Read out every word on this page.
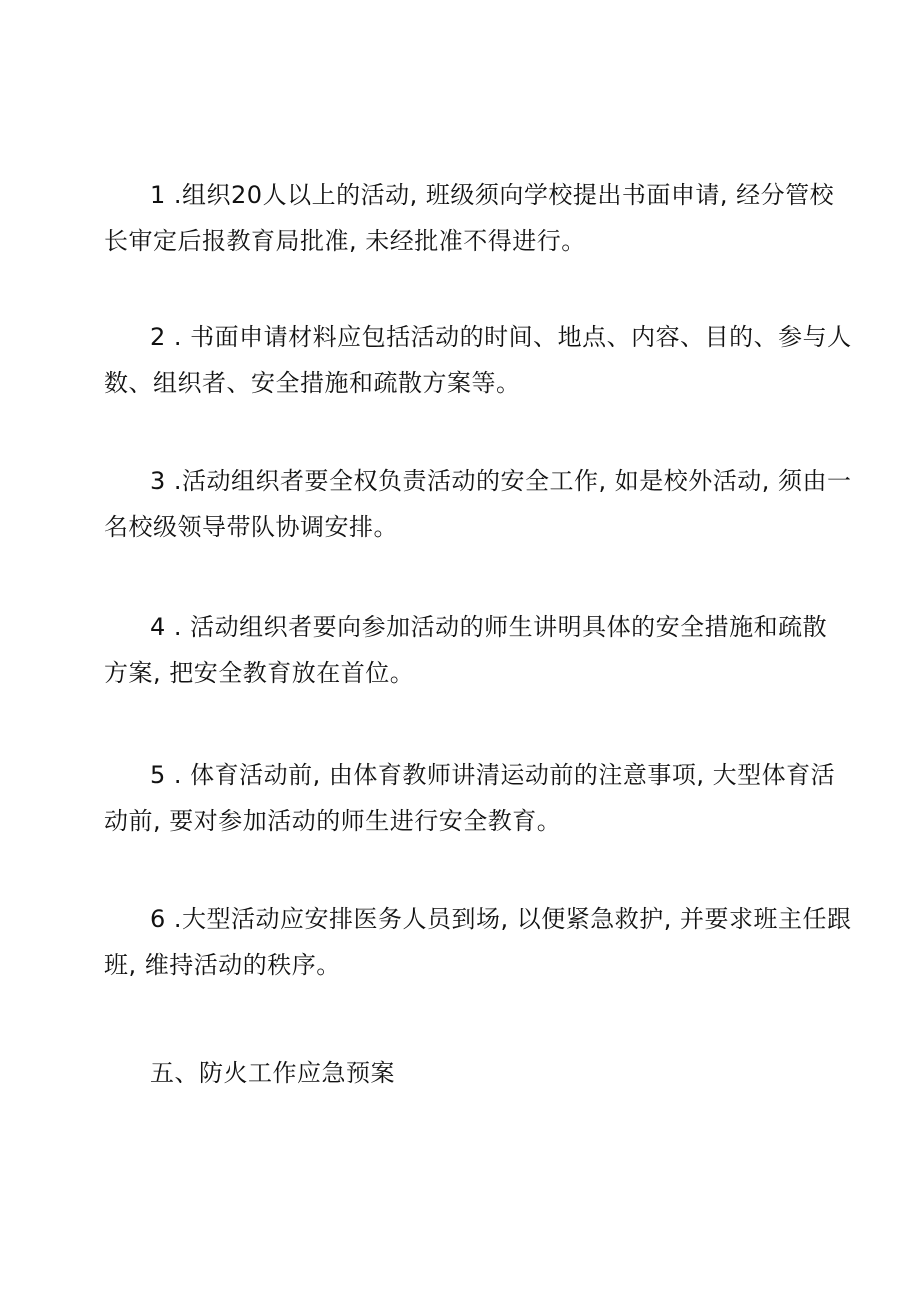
1 .组织20人以上的活动, 班级须向学校提出书面申请, 经分管校
长审定后报教育局批准, 未经批准不得进行。

2 . 书面申请材料应包括活动的时间、地点、内容、目的、参与人
数、组织者、安全措施和疏散方案等。

3 .活动组织者要全权负责活动的安全工作, 如是校外活动, 须由一
名校级领导带队协调安排。

4 . 活动组织者要向参加活动的师生讲明具体的安全措施和疏散
方案, 把安全教育放在首位。

5 . 体育活动前, 由体育教师讲清运动前的注意事项, 大型体育活
动前, 要对参加活动的师生进行安全教育。

6 .大型活动应安排医务人员到场, 以便紧急救护, 并要求班主任跟
班, 维持活动的秩序。

五、防火工作应急预案
